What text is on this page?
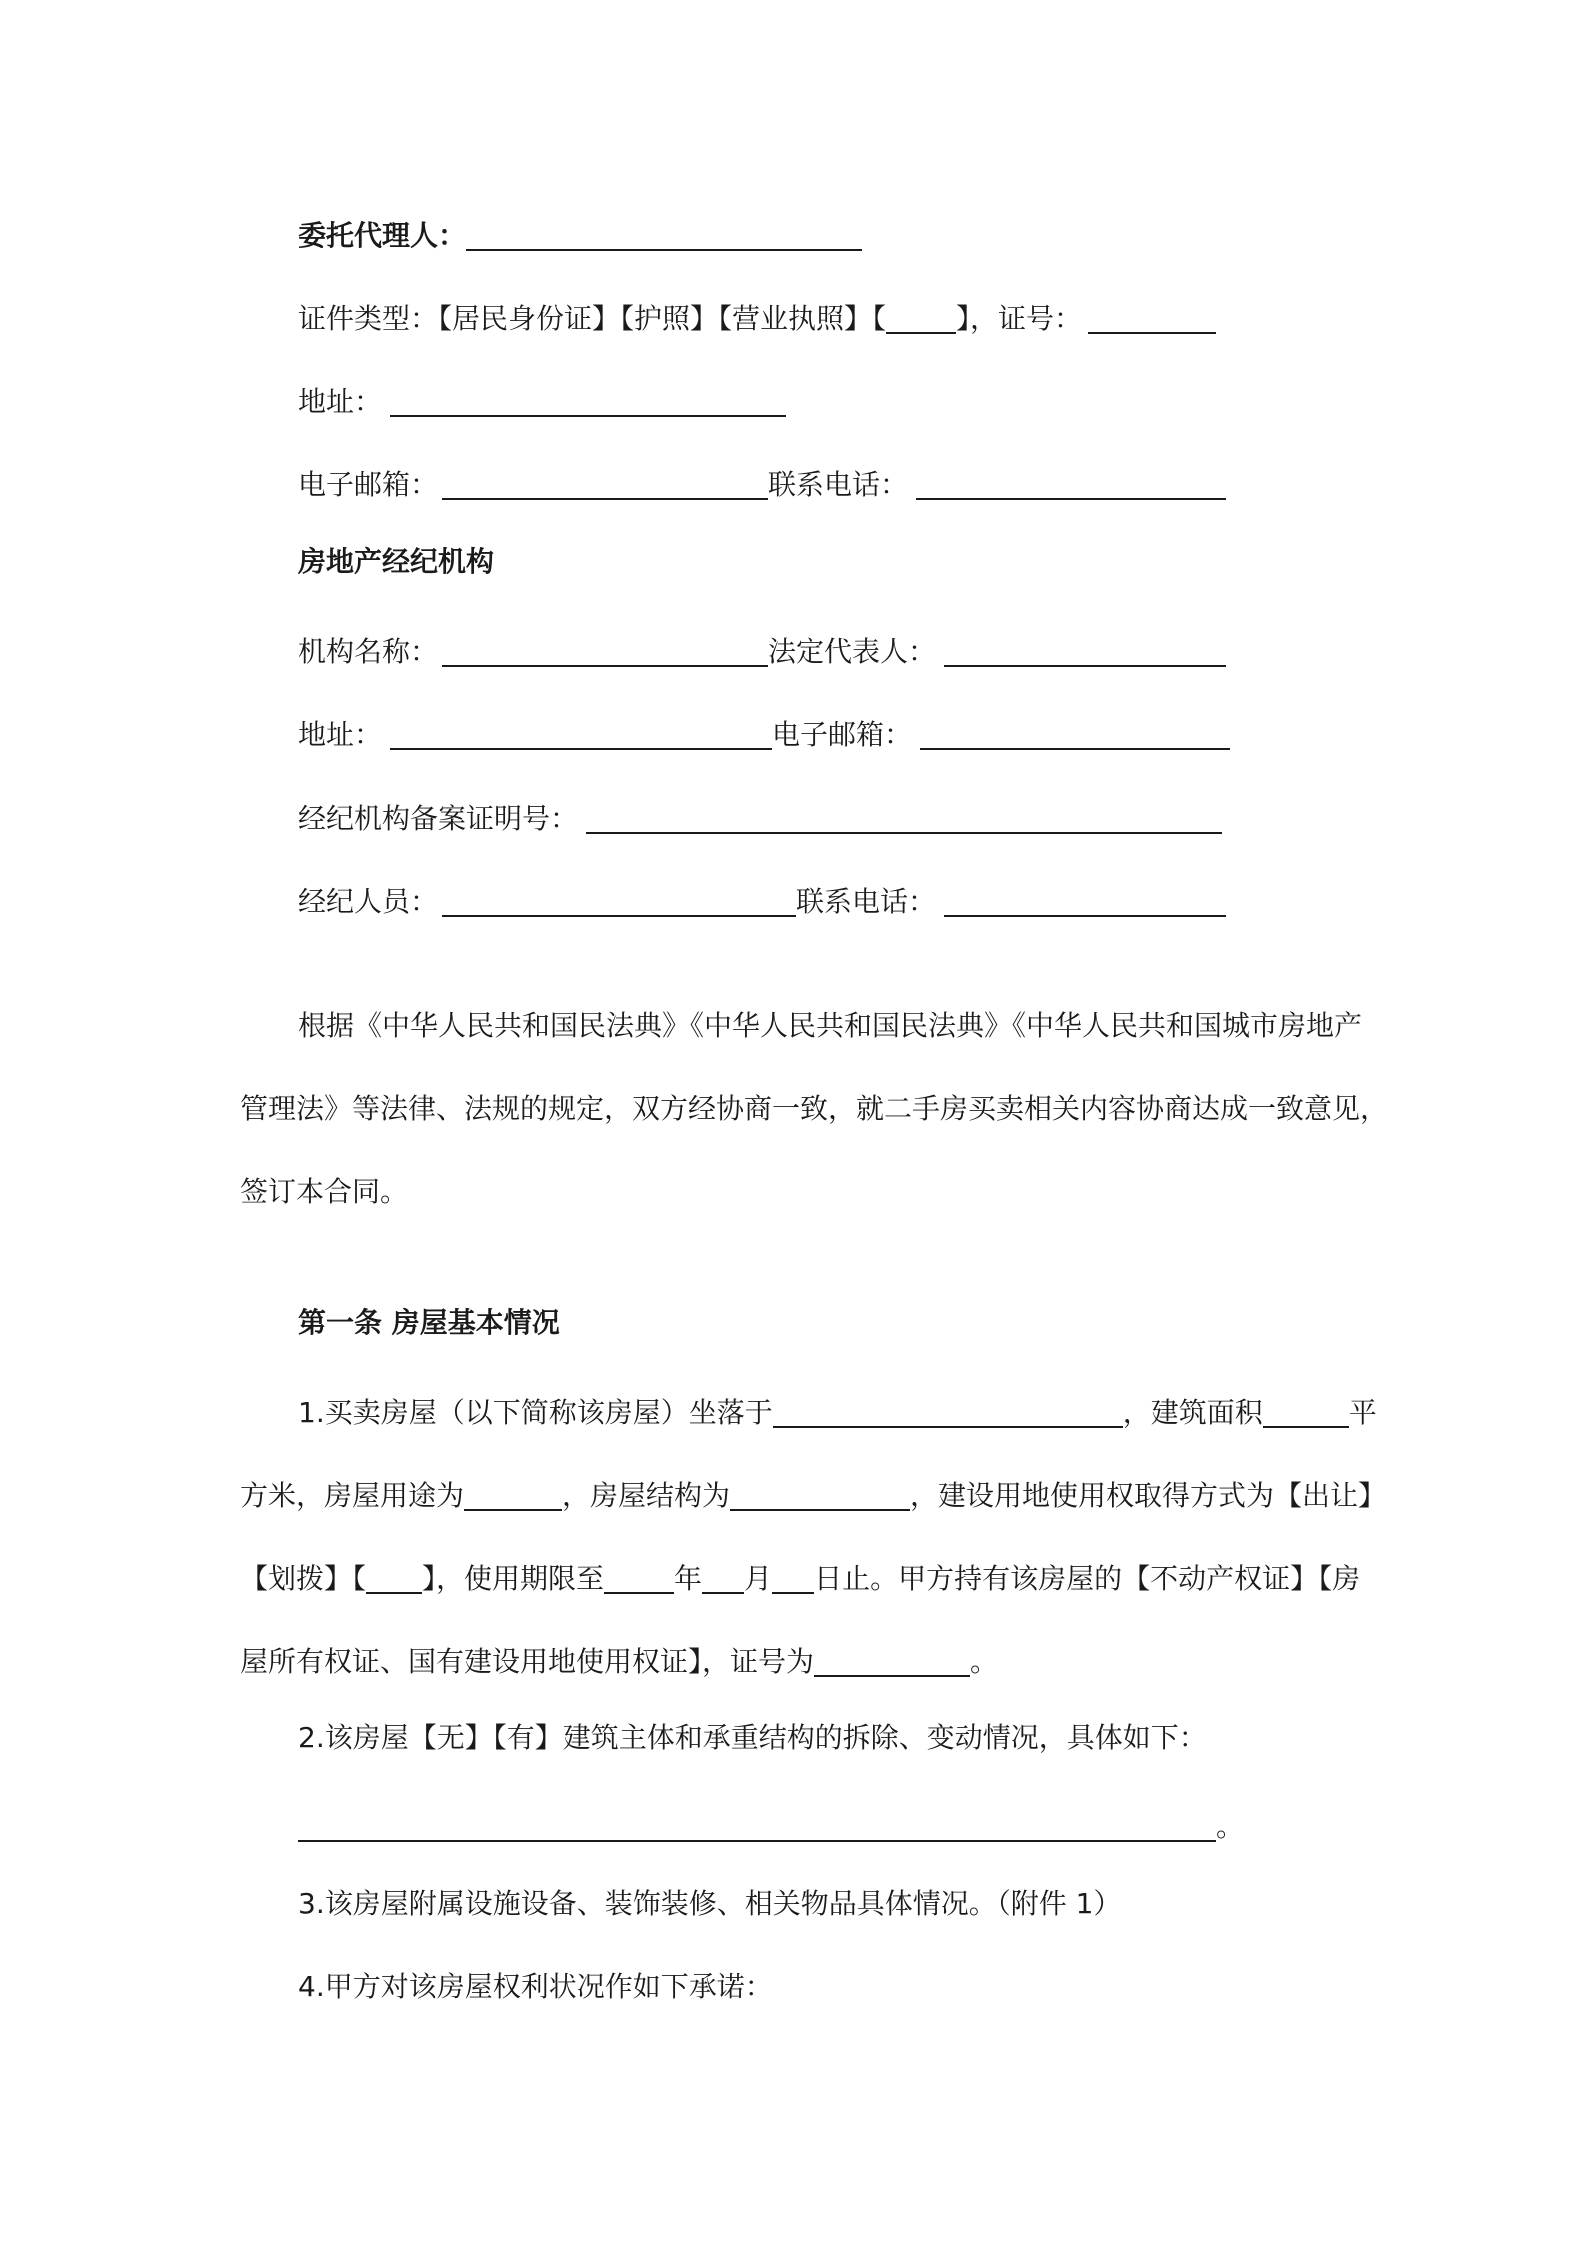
委托代理人：
证件类型：【居民身份证】【护照】【营业执照】【	】，证号：
地址：
电子邮箱：	联系电话：
房地产经纪机构
机构名称：	法定代表人：
地址：	电子邮箱：
经纪机构备案证明号：
经纪人员：	联系电话：
根据《中华人民共和国民法典》《中华人民共和国民法典》《中华人民共和国城市房地产
管理法》等法律、法规的规定，双方经协商一致，就二手房买卖相关内容协商达成一致意见，
签订本合同。
第一条 房屋基本情况
1.买卖房屋（以下简称该房屋）坐落于	，建筑面积	平
方米，房屋用途为	，房屋结构为	，建设用地使用权取得方式为【出让】
【划拨】【 】，使用期限至	年 月 日止。甲方持有该房屋的【不动产权证】【房
屋所有权证、国有建设用地使用权证】，证号为	。
2.该房屋【无】【有】建筑主体和承重结构的拆除、变动情况，具体如下：
。
3.该房屋附属设施设备、装饰装修、相关物品具体情况。（附件 1）
4.甲方对该房屋权利状况作如下承诺：
